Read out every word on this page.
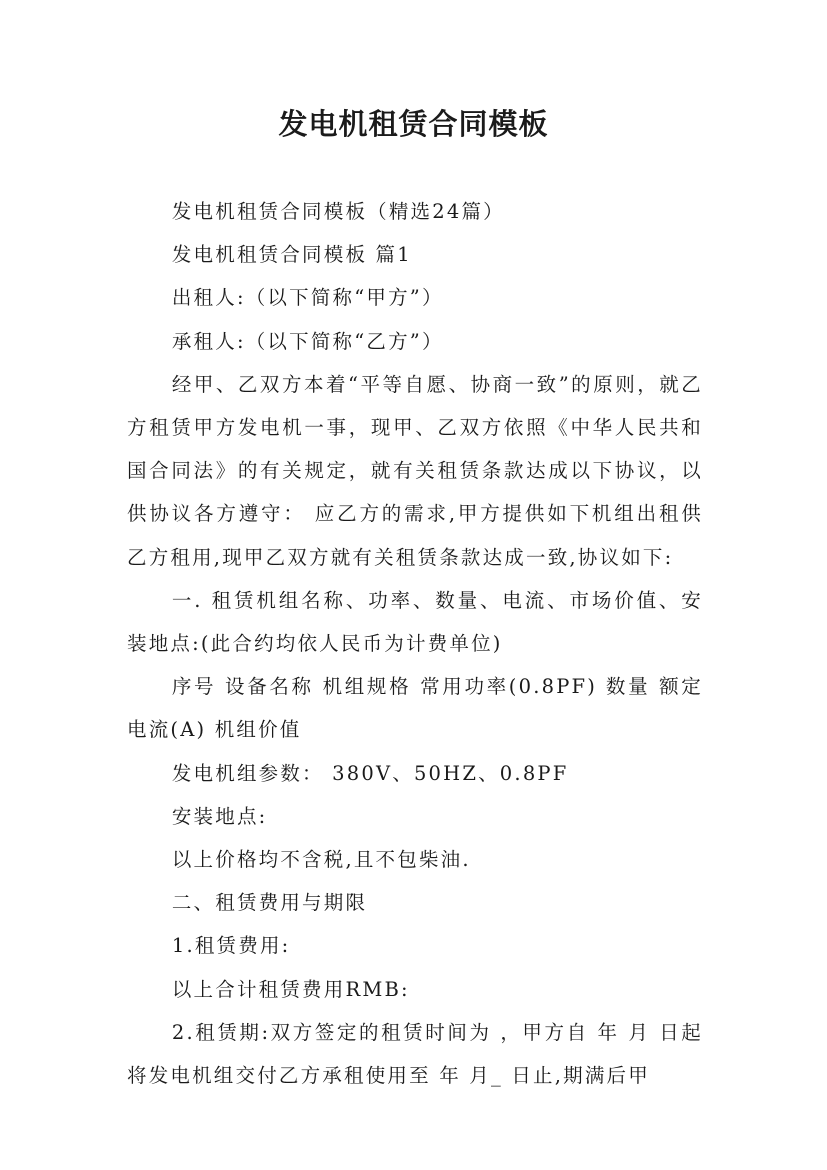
发电机租赁合同模板

发电机租赁合同模板（精选24篇）

发电机租赁合同模板 篇1

出租人:（以下简称“甲方”）

承租人:（以下简称“乙方”）

经甲、乙双方本着“平等自愿、协商一致”的原则，就乙方租赁甲方发电机一事，现甲、乙双方依照《中华人民共和国合同法》的有关规定，就有关租赁条款达成以下协议，以供协议各方遵守： 应乙方的需求,甲方提供如下机组出租供乙方租用,现甲乙双方就有关租赁条款达成一致,协议如下:

一. 租赁机组名称、功率、数量、电流、市场价值、安装地点:(此合约均依人民币为计费单位)

序号 设备名称 机组规格 常用功率(0.8PF) 数量 额定电流(A) 机组价值

发电机组参数： 380V、50HZ、0.8PF

安装地点:

以上价格均不含税,且不包柴油.

二、租赁费用与期限

1.租赁费用:

以上合计租赁费用RMB:

2.租赁期:双方签定的租赁时间为 ，甲方自 年 月 日起将发电机组交付乙方承租使用至 年 月_ 日止,期满后甲
